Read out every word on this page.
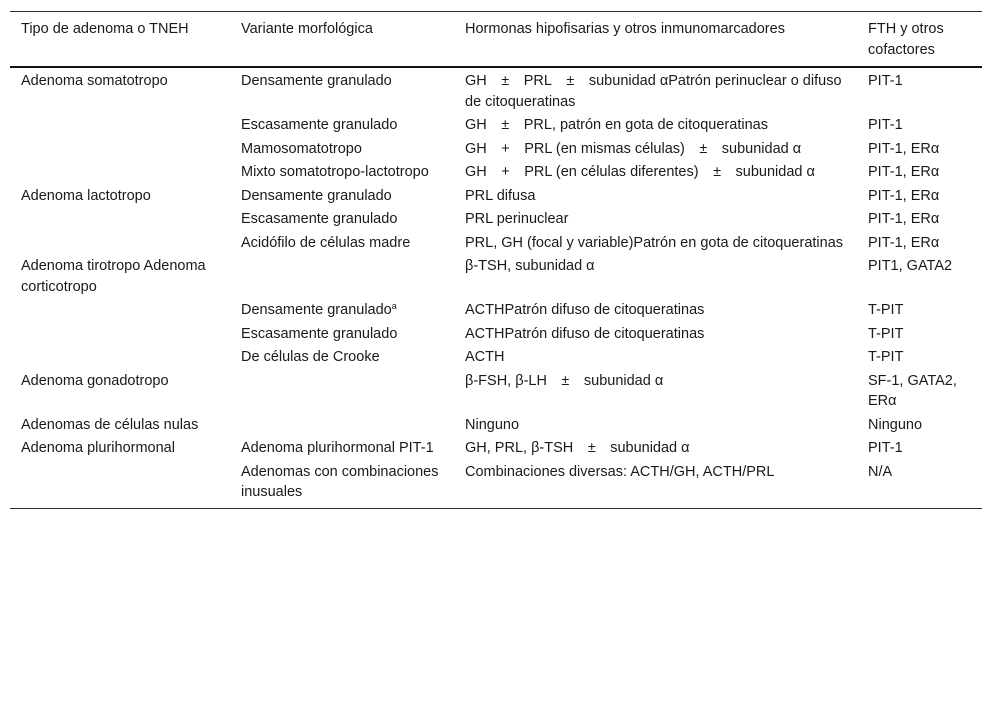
Tipo de adenoma o TNEH	Variante morfológica	Hormonas hipofisarias y otros inmunomarcadores	FTH y otros cofactores
Adenoma somatotropo	Densamente granulado	GH ± PRL ± subunidad αPatrón perinuclear o difuso de citoqueratinas	PIT-1
	Escasamente granulado	GH ± PRL, patrón en gota de citoqueratinas	PIT-1
	Mamosomatotropo	GH + PRL (en mismas células) ± subunidad α	PIT-1, ERα
	Mixto somatotropo-lactotropo	GH + PRL (en células diferentes) ± subunidad α	PIT-1, ERα
Adenoma lactotropo	Densamente granulado	PRL difusa	PIT-1, ERα
	Escasamente granulado	PRL perinuclear	PIT-1, ERα
	Acidófilo de células madre	PRL, GH (focal y variable)Patrón en gota de citoqueratinas	PIT-1, ERα
Adenoma tirotropo Adenoma corticotropo		β-TSH, subunidad α	PIT1, GATA2
	Densamente granulado$^a$	ACTHPatrón difuso de citoqueratinas	T-PIT
	Escasamente granulado	ACTHPatrón difuso de citoqueratinas	T-PIT
	De células de Crooke	ACTH	T-PIT
Adenoma gonadotropo		β-FSH, β-LH ± subunidad α	SF-1, GATA2, ERα
Adenomas de células nulas		Ninguno	Ninguno
Adenoma plurihormonal	Adenoma plurihormonal PIT-1	GH, PRL, β-TSH ± subunidad α	PIT-1
	Adenomas con combinaciones inusuales	Combinaciones diversas: ACTH/GH, ACTH/PRL	N/A
